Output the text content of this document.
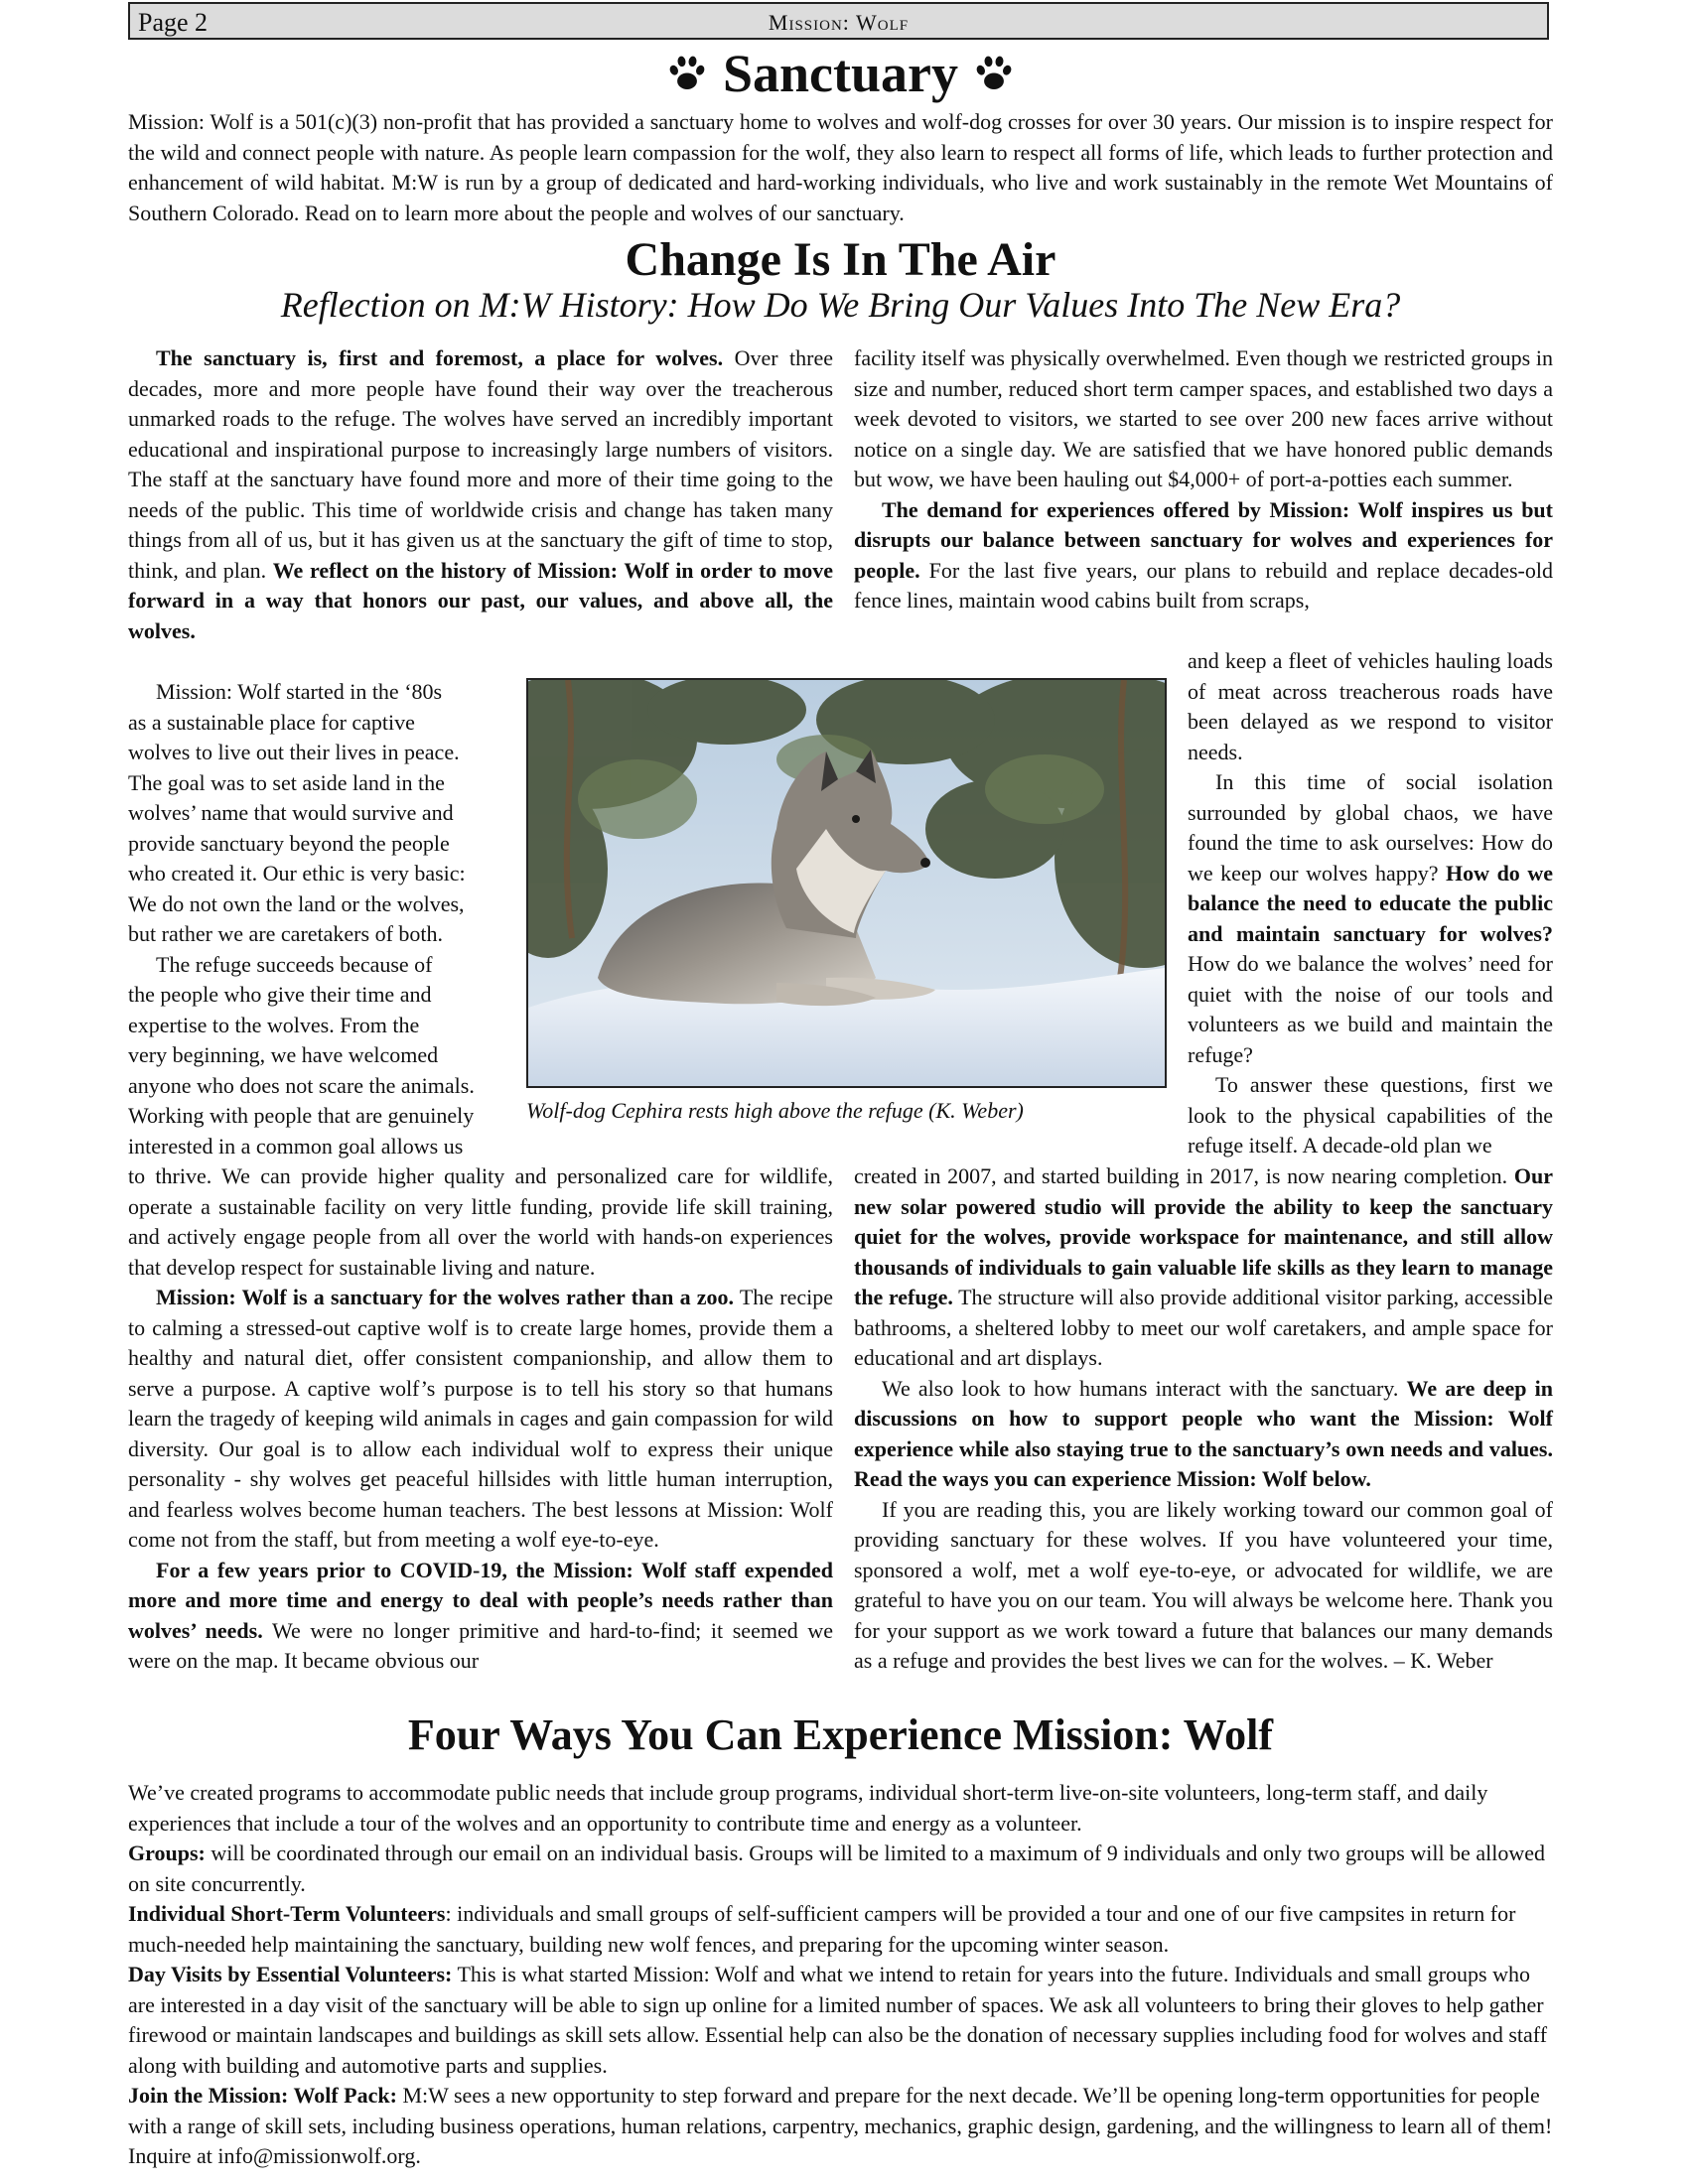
Page 2	Mission: Wolf
Sanctuary
Mission: Wolf is a 501(c)(3) non-profit that has provided a sanctuary home to wolves and wolf-dog crosses for over 30 years. Our mission is to inspire respect for the wild and connect people with nature. As people learn compassion for the wolf, they also learn to respect all forms of life, which leads to further protection and enhancement of wild habitat. M:W is run by a group of dedicated and hard-working individuals, who live and work sustainably in the remote Wet Mountains of Southern Colorado. Read on to learn more about the people and wolves of our sanctuary.
Change Is In The Air
Reflection on M:W History: How Do We Bring Our Values Into The New Era?

The sanctuary is, first and foremost, a place for wolves. Over three decades, more and more people have found their way over the treacherous unmarked roads to the refuge. The wolves have served an incredibly important educational and inspirational purpose to increasingly large numbers of visitors. The staff at the sanctuary have found more and more of their time going to the needs of the public. This time of worldwide crisis and change has taken many things from all of us, but it has given us at the sanctuary the gift of time to stop, think, and plan. We reflect on the history of Mission: Wolf in order to move forward in a way that honors our past, our values, and above all, the wolves.

Mission: Wolf started in the ‘80s
as a sustainable place for captive
wolves to live out their lives in peace.
The goal was to set aside land in the
wolves’ name that would survive and
provide sanctuary beyond the people
who created it. Our ethic is very basic:
We do not own the land or the wolves,
but rather we are caretakers of both.
The refuge succeeds because of
the people who give their time and
expertise to the wolves. From the
very beginning, we have welcomed
anyone who does not scare the animals.
Working with people that are genuinely
interested in a common goal allows us

to thrive. We can provide higher quality and personalized care for wildlife, operate a sustainable facility on very little funding, provide life skill training, and actively engage people from all over the world with hands-on experiences that develop respect for sustainable living and nature.

Mission: Wolf is a sanctuary for the wolves rather than a zoo. The recipe to calming a stressed-out captive wolf is to create large homes, provide them a healthy and natural diet, offer consistent companionship, and allow them to serve a purpose. A captive wolf’s purpose is to tell his story so that humans learn the tragedy of keeping wild animals in cages and gain compassion for wild diversity. Our goal is to allow each individual wolf to express their unique personality - shy wolves get peaceful hillsides with little human interruption, and fearless wolves become human teachers. The best lessons at Mission: Wolf come not from the staff, but from meeting a wolf eye-to-eye.

For a few years prior to COVID-19, the Mission: Wolf staff expended more and more time and energy to deal with people’s needs rather than wolves’ needs. We were no longer primitive and hard-to-find; it seemed we were on the map. It became obvious our

facility itself was physically overwhelmed. Even though we restricted groups in size and number, reduced short term camper spaces, and established two days a week devoted to visitors, we started to see over 200 new faces arrive without notice on a single day. We are satisfied that we have honored public demands but wow, we have been hauling out $4,000+ of port-a-potties each summer.

The demand for experiences offered by Mission: Wolf inspires us but disrupts our balance between sanctuary for wolves and experiences for people. For the last five years, our plans to rebuild and replace decades-old fence lines, maintain wood cabins built from scraps,

and keep a fleet of vehicles hauling loads of meat across treacherous roads have been delayed as we respond to visitor needs.

In this time of social isolation surrounded by global chaos, we have found the time to ask ourselves: How do we keep our wolves happy? How do we balance the need to educate the public and maintain sanctuary for wolves? How do we balance the wolves’ need for quiet with the noise of our tools and volunteers as we build and maintain the refuge?

To answer these questions, first we look to the physical capabilities of the refuge itself. A decade-old plan we

Wolf-dog Cephira rests high above the refuge (K. Weber)

created in 2007, and started building in 2017, is now nearing completion. Our new solar powered studio will provide the ability to keep the sanctuary quiet for the wolves, provide workspace for maintenance, and still allow thousands of individuals to gain valuable life skills as they learn to manage the refuge. The structure will also provide additional visitor parking, accessible bathrooms, a sheltered lobby to meet our wolf caretakers, and ample space for educational and art displays.

We also look to how humans interact with the sanctuary. We are deep in discussions on how to support people who want the Mission: Wolf experience while also staying true to the sanctuary’s own needs and values. Read the ways you can experience Mission: Wolf below.

If you are reading this, you are likely working toward our common goal of providing sanctuary for these wolves. If you have volunteered your time, sponsored a wolf, met a wolf eye-to-eye, or advocated for wildlife, we are grateful to have you on our team. You will always be welcome here. Thank you for your support as we work toward a future that balances our many demands as a refuge and provides the best lives we can for the wolves. – K. Weber

Four Ways You Can Experience Mission: Wolf

We’ve created programs to accommodate public needs that include group programs, individual short-term live-on-site volunteers, long-term staff, and daily experiences that include a tour of the wolves and an opportunity to contribute time and energy as a volunteer.

Groups: will be coordinated through our email on an individual basis. Groups will be limited to a maximum of 9 individuals and only two groups will be allowed on site concurrently.

Individual Short-Term Volunteers: individuals and small groups of self-sufficient campers will be provided a tour and one of our five campsites in return for much-needed help maintaining the sanctuary, building new wolf fences, and preparing for the upcoming winter season.

Day Visits by Essential Volunteers: This is what started Mission: Wolf and what we intend to retain for years into the future. Individuals and small groups who are interested in a day visit of the sanctuary will be able to sign up online for a limited number of spaces. We ask all volunteers to bring their gloves to help gather firewood or maintain landscapes and buildings as skill sets allow. Essential help can also be the donation of necessary supplies including food for wolves and staff along with building and automotive parts and supplies.

Join the Mission: Wolf Pack: M:W sees a new opportunity to step forward and prepare for the next decade. We’ll be opening long-term opportunities for people with a range of skill sets, including business operations, human relations, carpentry, mechanics, graphic design, gardening, and the willingness to learn all of them! Inquire at info@missionwolf.org.
